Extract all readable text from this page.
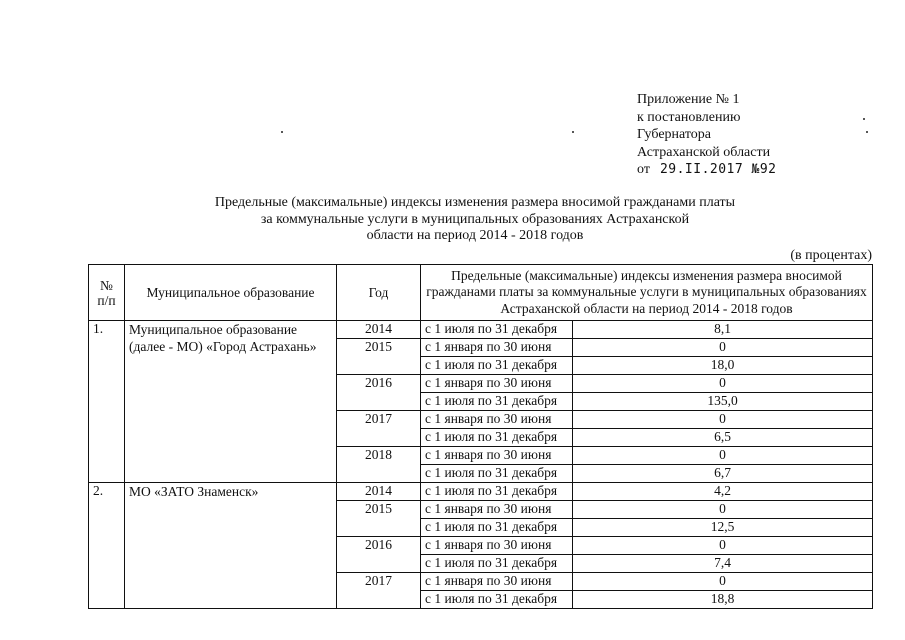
Приложение № 1
к постановлению
Губернатора
Астраханской области
от 29.II.2017 №92
Предельные (максимальные) индексы изменения размера вносимой гражданами платы
за коммунальные услуги в муниципальных образованиях Астраханской
области на период 2014 - 2018 годов
(в процентах)
№ п/п	Муниципальное образование	Год	Предельные (максимальные) индексы изменения размера вносимой гражданами платы за коммунальные услуги в муниципальных образованиях Астраханской области на период 2014 - 2018 годов	
1.	Муниципальное образование (далее - МО) «Город Астрахань»	2014	с 1 июля по 31 декабря	8,1
		2015	с 1 января по 30 июня	0
			с 1 июля по 31 декабря	18,0
		2016	с 1 января по 30 июня	0
			с 1 июля по 31 декабря	135,0
		2017	с 1 января по 30 июня	0
			с 1 июля по 31 декабря	6,5
		2018	с 1 января по 30 июня	0
			с 1 июля по 31 декабря	6,7
2.	МО «ЗАТО Знаменск»	2014	с 1 июля по 31 декабря	4,2
		2015	с 1 января по 30 июня	0
			с 1 июля по 31 декабря	12,5
		2016	с 1 января по 30 июня	0
			с 1 июля по 31 декабря	7,4
		2017	с 1 января по 30 июня	0
			с 1 июля по 31 декабря	18,8
